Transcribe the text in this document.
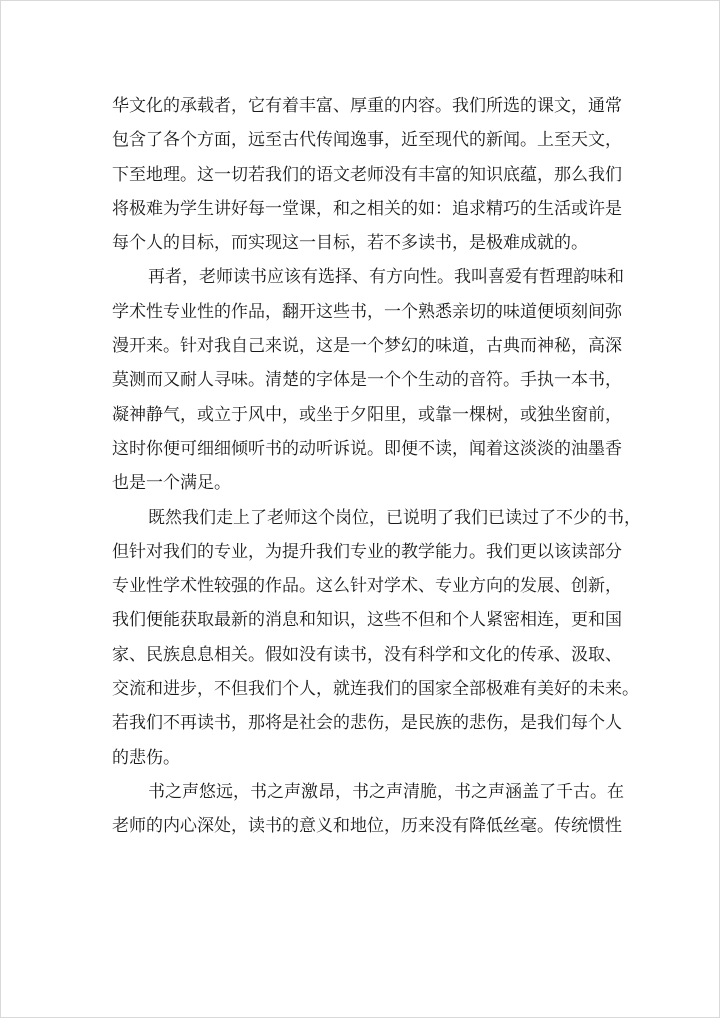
华文化的承载者，它有着丰富、厚重的内容。我们所选的课文，通常
包含了各个方面，远至古代传闻逸事，近至现代的新闻。上至天文，
下至地理。这一切若我们的语文老师没有丰富的知识底蕴，那么我们
将极难为学生讲好每一堂课，和之相关的如：追求精巧的生活或许是
每个人的目标，而实现这一目标，若不多读书，是极难成就的。
再者，老师读书应该有选择、有方向性。我叫喜爱有哲理韵味和
学术性专业性的作品，翻开这些书，一个熟悉亲切的味道便顷刻间弥
漫开来。针对我自己来说，这是一个梦幻的味道，古典而神秘，高深
莫测而又耐人寻味。清楚的字体是一个个生动的音符。手执一本书，
凝神静气，或立于风中，或坐于夕阳里，或靠一棵树，或独坐窗前，
这时你便可细细倾听书的动听诉说。即便不读，闻着这淡淡的油墨香
也是一个满足。
既然我们走上了老师这个岗位，已说明了我们已读过了不少的书，
但针对我们的专业，为提升我们专业的教学能力。我们更以该读部分
专业性学术性较强的作品。这么针对学术、专业方向的发展、创新，
我们便能获取最新的消息和知识，这些不但和个人紧密相连，更和国
家、民族息息相关。假如没有读书，没有科学和文化的传承、汲取、
交流和进步，不但我们个人，就连我们的国家全部极难有美好的未来。
若我们不再读书，那将是社会的悲伤，是民族的悲伤，是我们每个人
的悲伤。
书之声悠远，书之声激昂，书之声清脆，书之声涵盖了千古。在
老师的内心深处，读书的意义和地位，历来没有降低丝毫。传统惯性
